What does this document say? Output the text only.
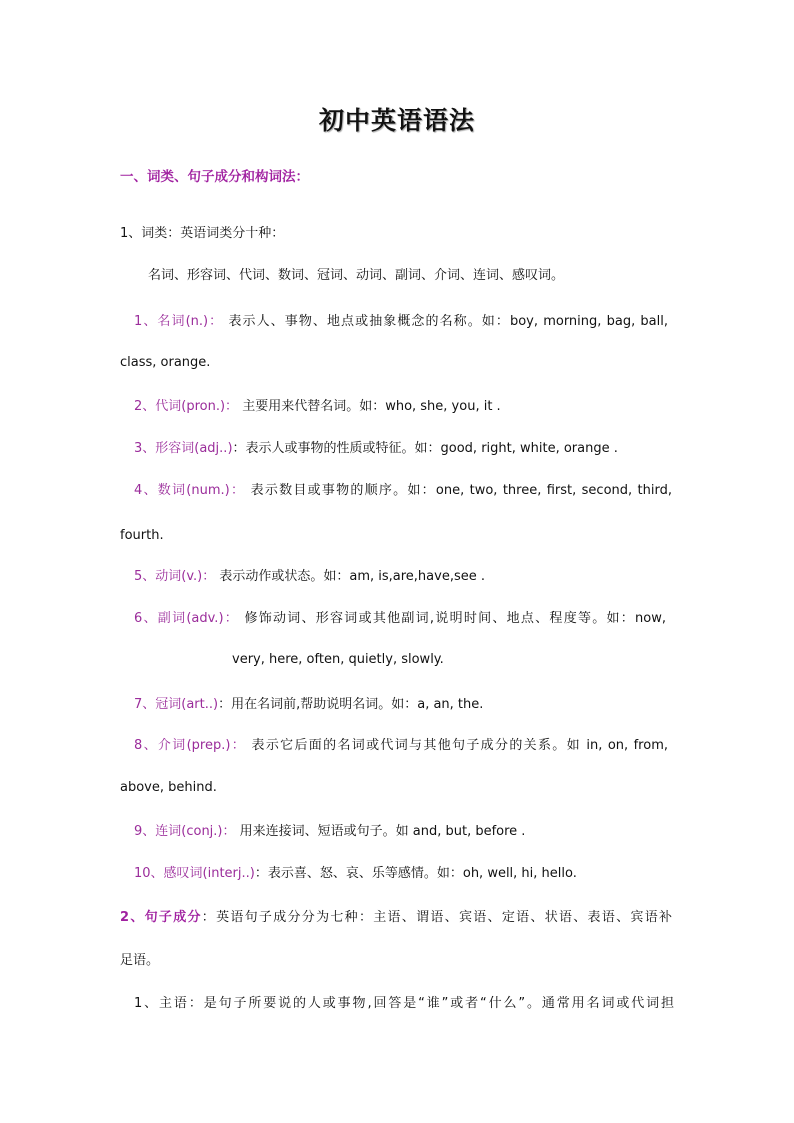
初中英语语法
一、词类、句子成分和构词法：
1、词类：英语词类分十种：
名词、形容词、代词、数词、冠词、动词、副词、介词、连词、感叹词。
1、名词(n.)： 表示人、事物、地点或抽象概念的名称。如：boy, morning, bag, ball,
class, orange.
2、代词(pron.)： 主要用来代替名词。如：who, she, you, it .
3、形容词(adj..)：表示人或事物的性质或特征。如：good, right, white, orange .
4、数词(num.)： 表示数目或事物的顺序。如：one, two, three, first, second, third,
fourth.
5、动词(v.)： 表示动作或状态。如：am, is,are,have,see .
6、副词(adv.)： 修饰动词、形容词或其他副词,说明时间、地点、程度等。如：now,
very, here, often, quietly, slowly.
7、冠词(art..)：用在名词前,帮助说明名词。如：a, an, the.
8、介词(prep.)： 表示它后面的名词或代词与其他句子成分的关系。如 in, on, from,
above, behind.
9、连词(conj.)： 用来连接词、短语或句子。如 and, but, before .
10、感叹词(interj..)：表示喜、怒、哀、乐等感情。如：oh, well, hi, hello.
2、句子成分：英语句子成分分为七种：主语、谓语、宾语、定语、状语、表语、宾语补
足语。
1、主语：是句子所要说的人或事物,回答是“谁”或者“什么”。通常用名词或代词担
